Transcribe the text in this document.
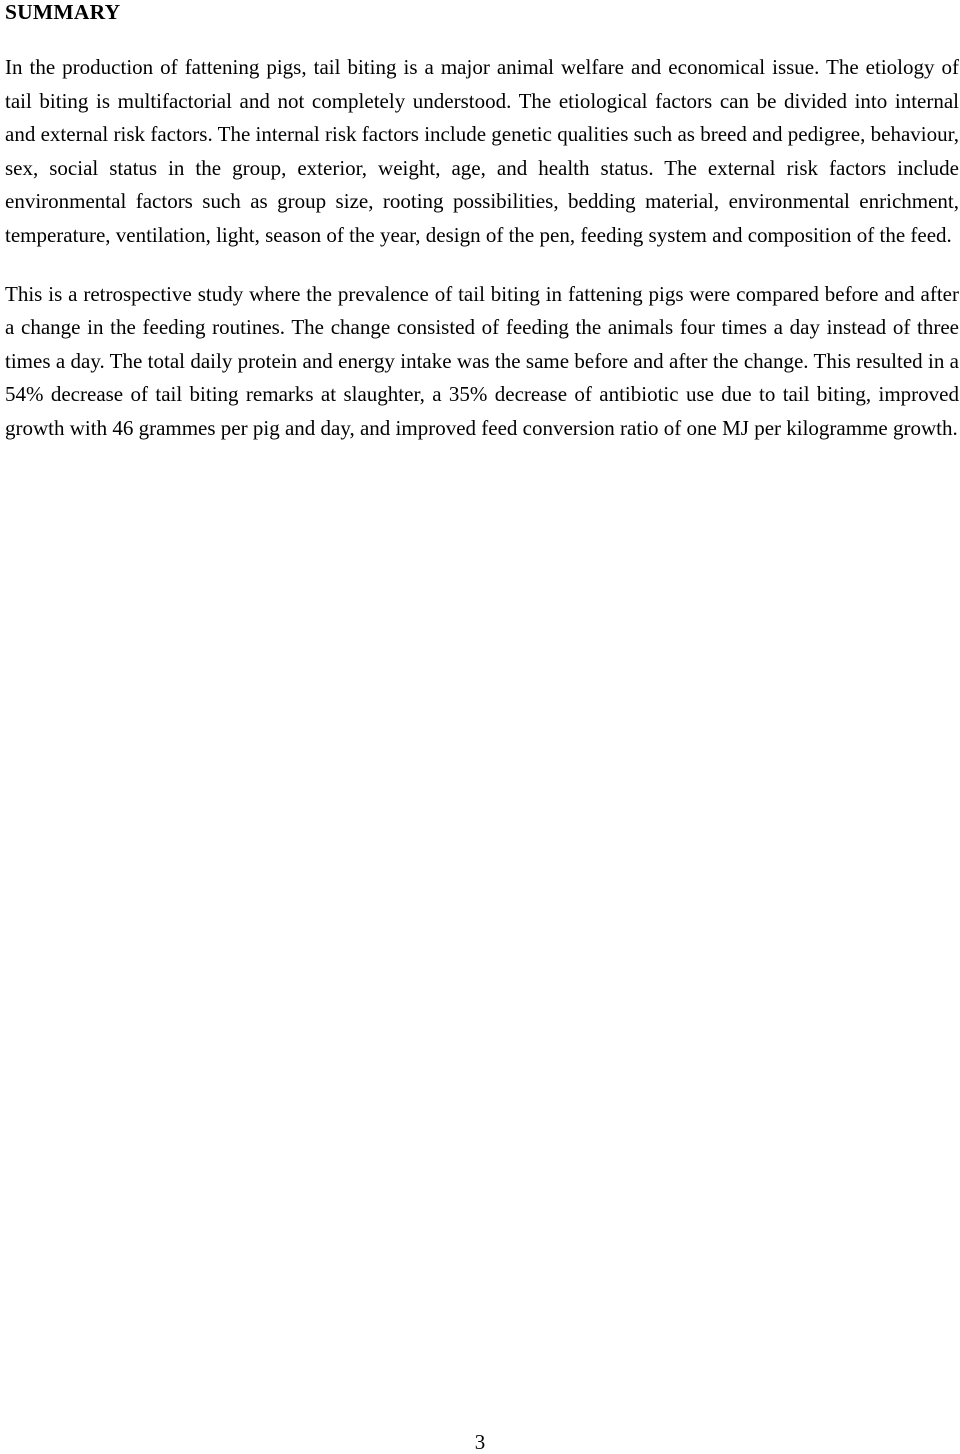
SUMMARY

In the production of fattening pigs, tail biting is a major animal welfare and economical issue. The etiology of tail biting is multifactorial and not completely understood. The etiological factors can be divided into internal and external risk factors. The internal risk factors include genetic qualities such as breed and pedigree, behaviour, sex, social status in the group, exterior, weight, age, and health status. The external risk factors include environmental factors such as group size, rooting possibilities, bedding material, environmental enrichment, temperature, ventilation, light, season of the year, design of the pen, feeding system and composition of the feed.

This is a retrospective study where the prevalence of tail biting in fattening pigs were compared before and after a change in the feeding routines. The change consisted of feeding the animals four times a day instead of three times a day. The total daily protein and energy intake was the same before and after the change. This resulted in a 54% decrease of tail biting remarks at slaughter, a 35% decrease of antibiotic use due to tail biting, improved growth with 46 grammes per pig and day, and improved feed conversion ratio of one MJ per kilogramme growth.

3
